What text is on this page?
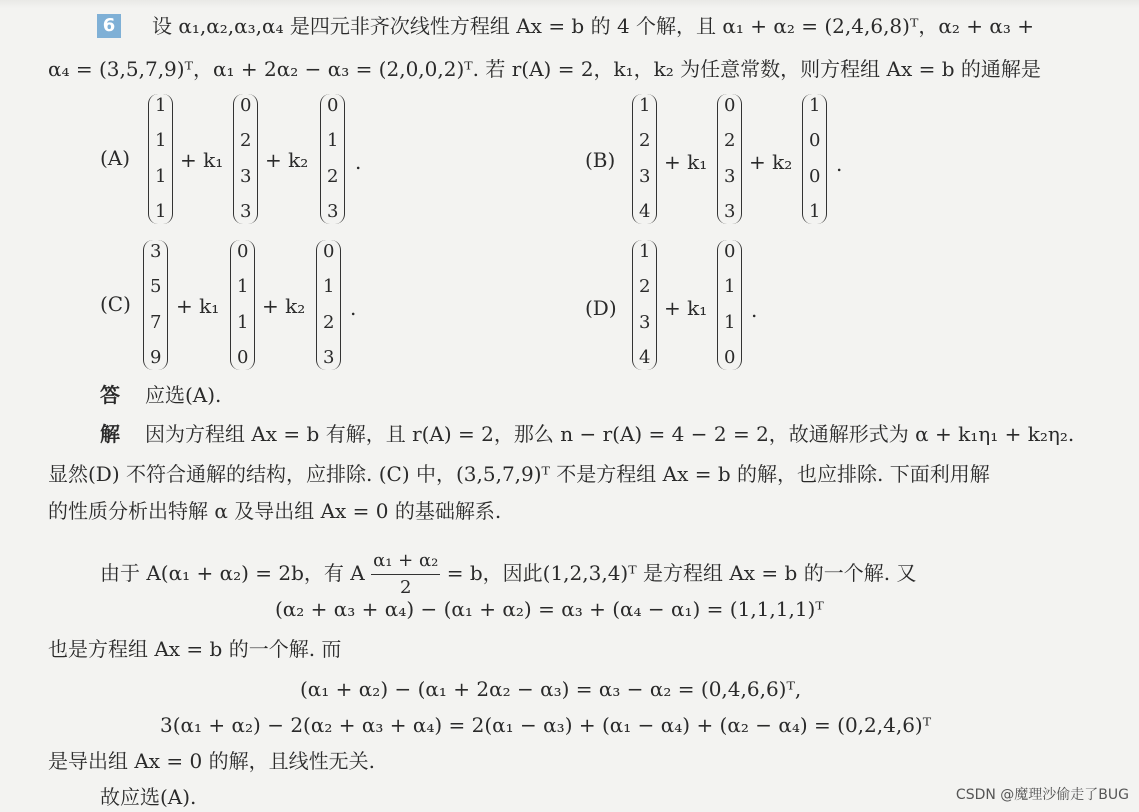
6 设 α₁,α₂,α₃,α₄ 是四元非齐次线性方程组 Ax = b 的 4 个解，且 α₁ + α₂ = (2,4,6,8)ᵀ，α₂ + α₃ +
α₄ = (3,5,7,9)ᵀ，α₁ + 2α₂ − α₃ = (2,0,0,2)ᵀ. 若 r(A) = 2，k₁，k₂ 为任意常数，则方程组 Ax = b 的通解是
(A)
1
1
1
1
+ k₁
0
2
3
3
+ k₂
0
1
2
3
.	(B)
1
2
3
4
+ k₁
0
2
3
3
+ k₂
1
0
0
1
.
(C)
3
5
7
9
+ k₁
0
1
1
0
+ k₂
0
1
2
3
.	(D)
1
2
3
4
+ k₁
0
1
1
0
.
答 应选(A).
解 因为方程组 Ax = b 有解，且 r(A) = 2，那么 n − r(A) = 4 − 2 = 2，故通解形式为 α + k₁η₁ + k₂η₂.
显然(D) 不符合通解的结构，应排除. (C) 中，(3,5,7,9)ᵀ 不是方程组 Ax = b 的解，也应排除. 下面利用解
的性质分析出特解 α 及导出组 Ax = 0 的基础解系.
由于 A(α₁ + α₂) = 2b，有 A $\frac{\text{α₁ + α₂}}{2} = b$，因此(1,2,3,4)ᵀ 是方程组 Ax = b 的一个解. 又
(α₂ + α₃ + α₄) − (α₁ + α₂) = α₃ + (α₄ − α₁) = (1,1,1,1)ᵀ
也是方程组 Ax = b 的一个解. 而
(α₁ + α₂) − (α₁ + 2α₂ − α₃) = α₃ − α₂ = (0,4,6,6)ᵀ,
3(α₁ + α₂) − 2(α₂ + α₃ + α₄) = 2(α₁ − α₃) + (α₁ − α₄) + (α₂ − α₄) = (0,2,4,6)ᵀ
是导出组 Ax = 0 的解，且线性无关.
故应选(A).	CSDN @魔理沙偷走了BUG
